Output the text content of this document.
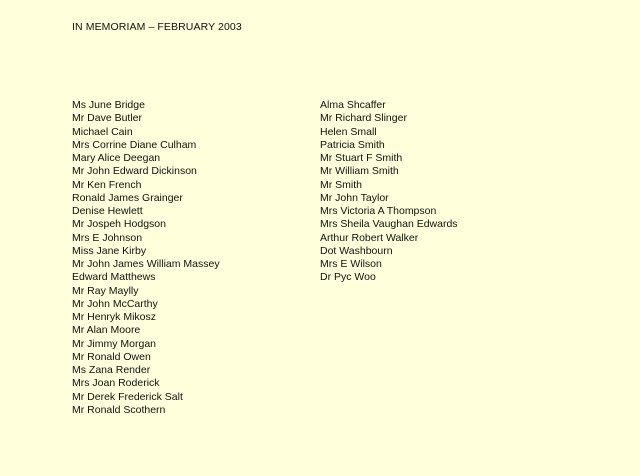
IN MEMORIAM – FEBRUARY 2003
Ms June Bridge
Mr Dave Butler
Michael Cain
Mrs Corrine Diane Culham
Mary Alice Deegan
Mr John Edward Dickinson
Mr Ken French
Ronald James Grainger
Denise Hewlett
Mr Jospeh Hodgson
Mrs E Johnson
Miss Jane Kirby
Mr John James William Massey
Edward Matthews
Mr Ray Maylly
Mr John McCarthy
Mr Henryk Mikosz
Mr Alan Moore
Mr Jimmy Morgan
Mr Ronald Owen
Ms Zana Render
Mrs Joan Roderick
Mr Derek Frederick Salt
Mr Ronald Scothern
Alma Shcaffer
Mr Richard Slinger
Helen Small
Patricia Smith
Mr Stuart F Smith
Mr William Smith
Mr Smith
Mr John Taylor
Mrs Victoria A Thompson
Mrs Sheila Vaughan Edwards
Arthur Robert Walker
Dot Washbourn
Mrs E Wilson
Dr Pyc Woo
